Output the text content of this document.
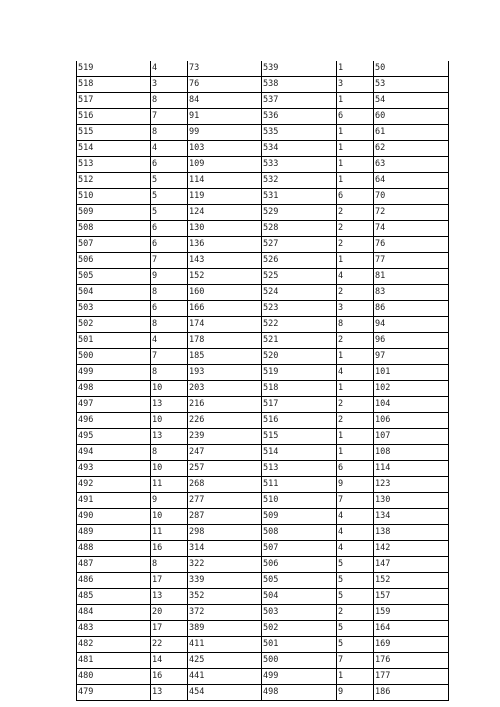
519	4	73	539	1	50
518	3	76	538	3	53
517	8	84	537	1	54
516	7	91	536	6	60
515	8	99	535	1	61
514	4	103	534	1	62
513	6	109	533	1	63
512	5	114	532	1	64
510	5	119	531	6	70
509	5	124	529	2	72
508	6	130	528	2	74
507	6	136	527	2	76
506	7	143	526	1	77
505	9	152	525	4	81
504	8	160	524	2	83
503	6	166	523	3	86
502	8	174	522	8	94
501	4	178	521	2	96
500	7	185	520	1	97
499	8	193	519	4	101
498	10	203	518	1	102
497	13	216	517	2	104
496	10	226	516	2	106
495	13	239	515	1	107
494	8	247	514	1	108
493	10	257	513	6	114
492	11	268	511	9	123
491	9	277	510	7	130
490	10	287	509	4	134
489	11	298	508	4	138
488	16	314	507	4	142
487	8	322	506	5	147
486	17	339	505	5	152
485	13	352	504	5	157
484	20	372	503	2	159
483	17	389	502	5	164
482	22	411	501	5	169
481	14	425	500	7	176
480	16	441	499	1	177
479	13	454	498	9	186
